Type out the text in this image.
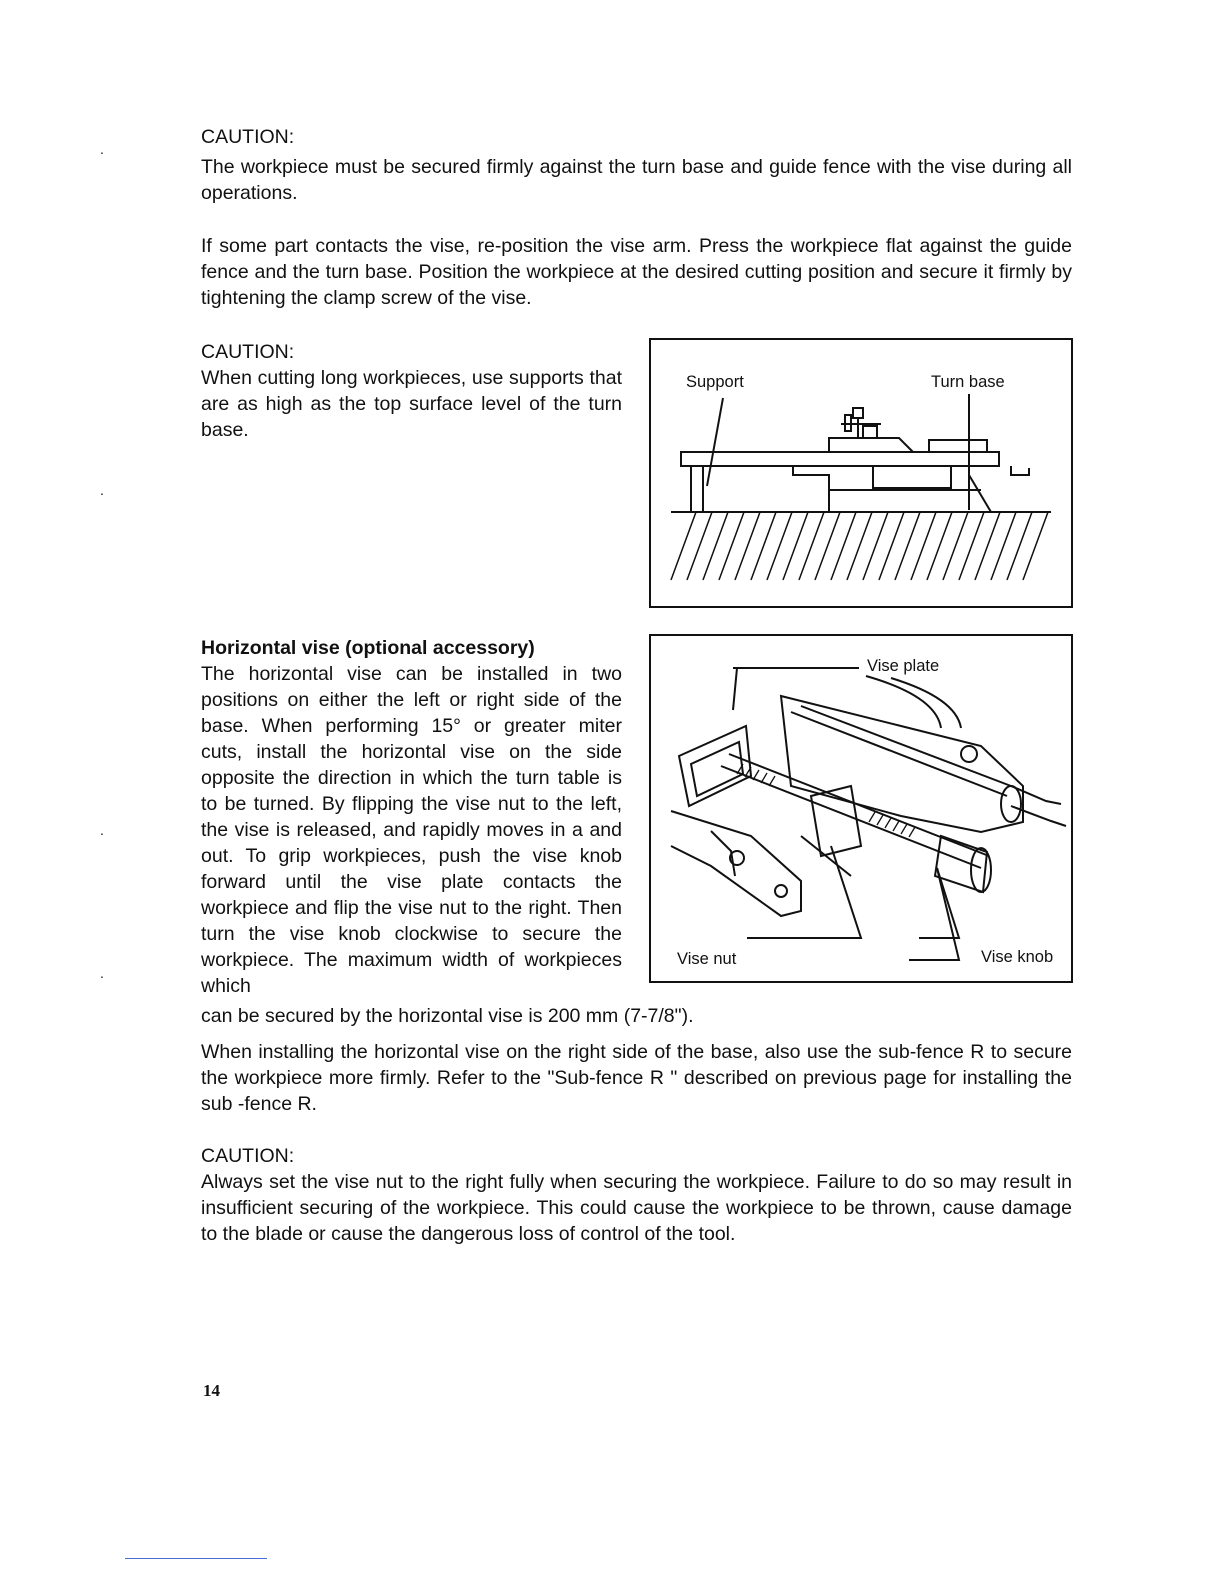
.
.
.
.
CAUTION:

The workpiece must be secured firmly against the turn base and guide fence with the vise during all operations.

If some part contacts the vise, re-position the vise arm. Press the workpiece flat against the guide fence and the turn base. Position the workpiece at the desired cutting position and secure it firmly by tightening the clamp screw of the vise.

CAUTION:

When cutting long workpieces, use supports that are as high as the top surface level of the turn base.

Support	Turn base
Horizontal vise (optional accessory)

The horizontal vise can be installed in two positions on either the left or right side of the base. When performing 15° or greater miter cuts, install the horizontal vise on the side opposite the direction in which the turn table is to be turned. By flipping the vise nut to the left, the vise is released, and rapidly moves in a and out. To grip workpieces, push the vise knob forward until the vise plate contacts the workpiece and flip the vise nut to the right. Then turn the vise knob clockwise to secure the workpiece. The maximum width of workpieces which

can be secured by the horizontal vise is 200 mm (7-7/8").

Vise plate
Vise nut	Vise knob

When installing the horizontal vise on the right side of the base, also use the sub-fence R to secure the workpiece more firmly. Refer to the "Sub-fence R " described on previous page for installing the sub -fence R.

CAUTION:

Always set the vise nut to the right fully when securing the workpiece. Failure to do so may result in insufficient securing of the workpiece. This could cause the workpiece to be thrown, cause damage to the blade or cause the dangerous loss of control of the tool.

14
